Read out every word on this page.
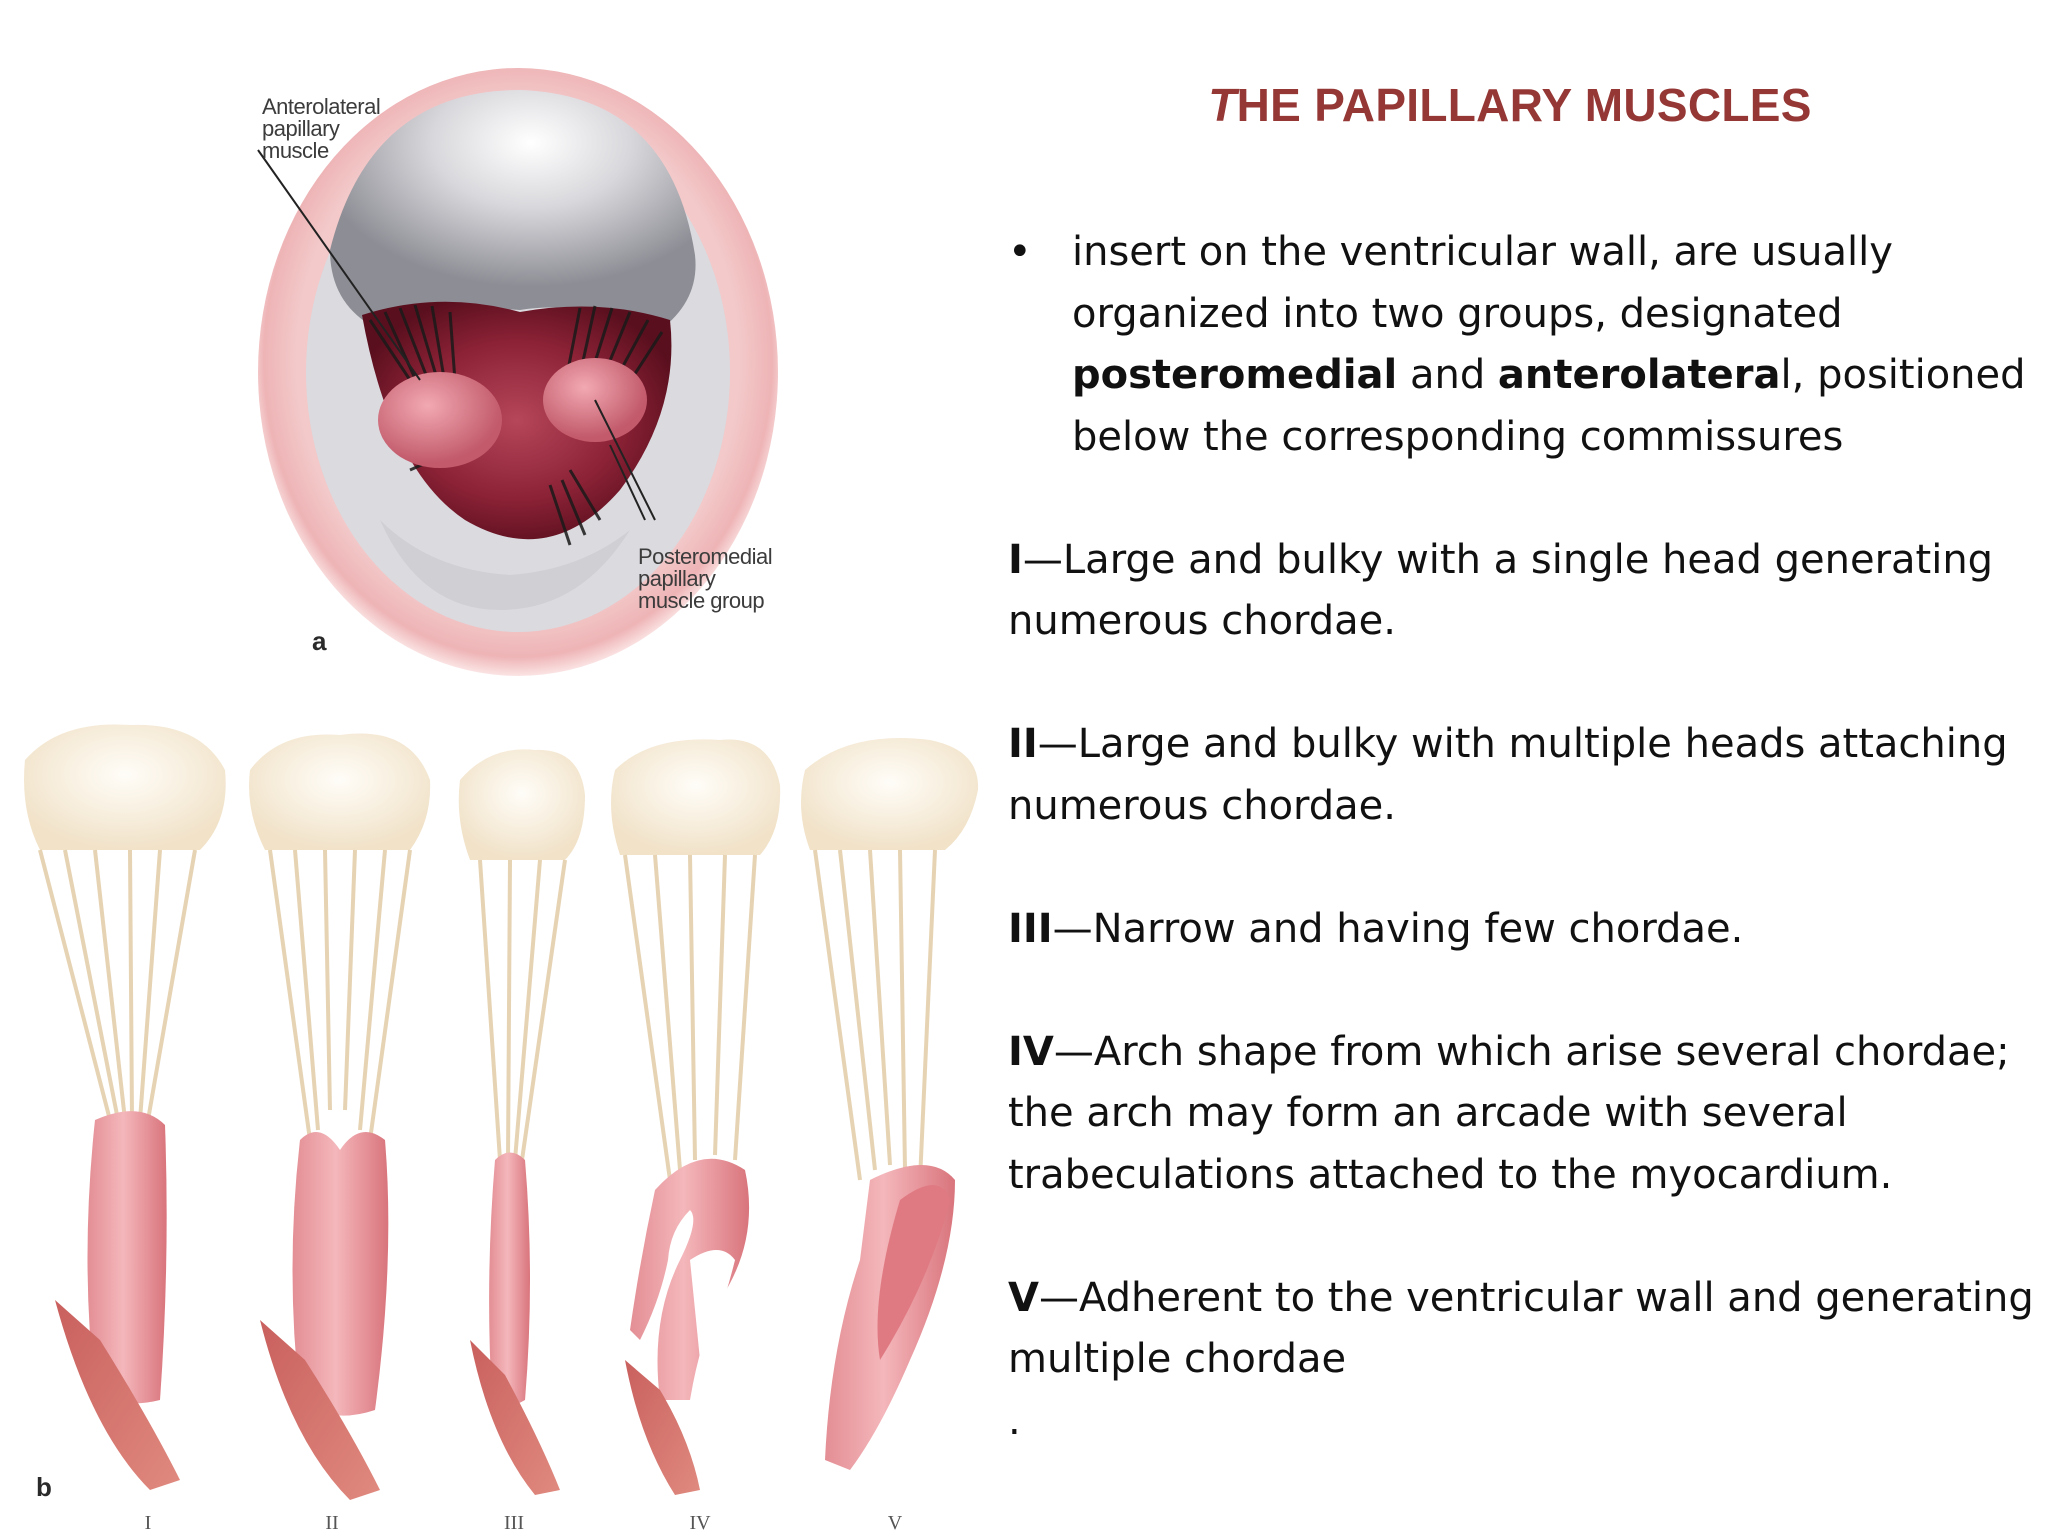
Anterolateral
papillary
muscle
Posteromedial
papillary
muscle group
a
b
I	II	III	IV	V
THE PAPILLARY MUSCLES

• insert on the ventricular wall, are usually organized into two groups, designated posteromedial and anterolateral, positioned below the corresponding commissures

I—Large and bulky with a single head generating numerous chordae.

II—Large and bulky with multiple heads attaching numerous chordae.

III—Narrow and having few chordae.

IV—Arch shape from which arise several chordae; the arch may form an arcade with several trabeculations attached to the myocardium.

V—Adherent to the ventricular wall and generating multiple chordae

.
